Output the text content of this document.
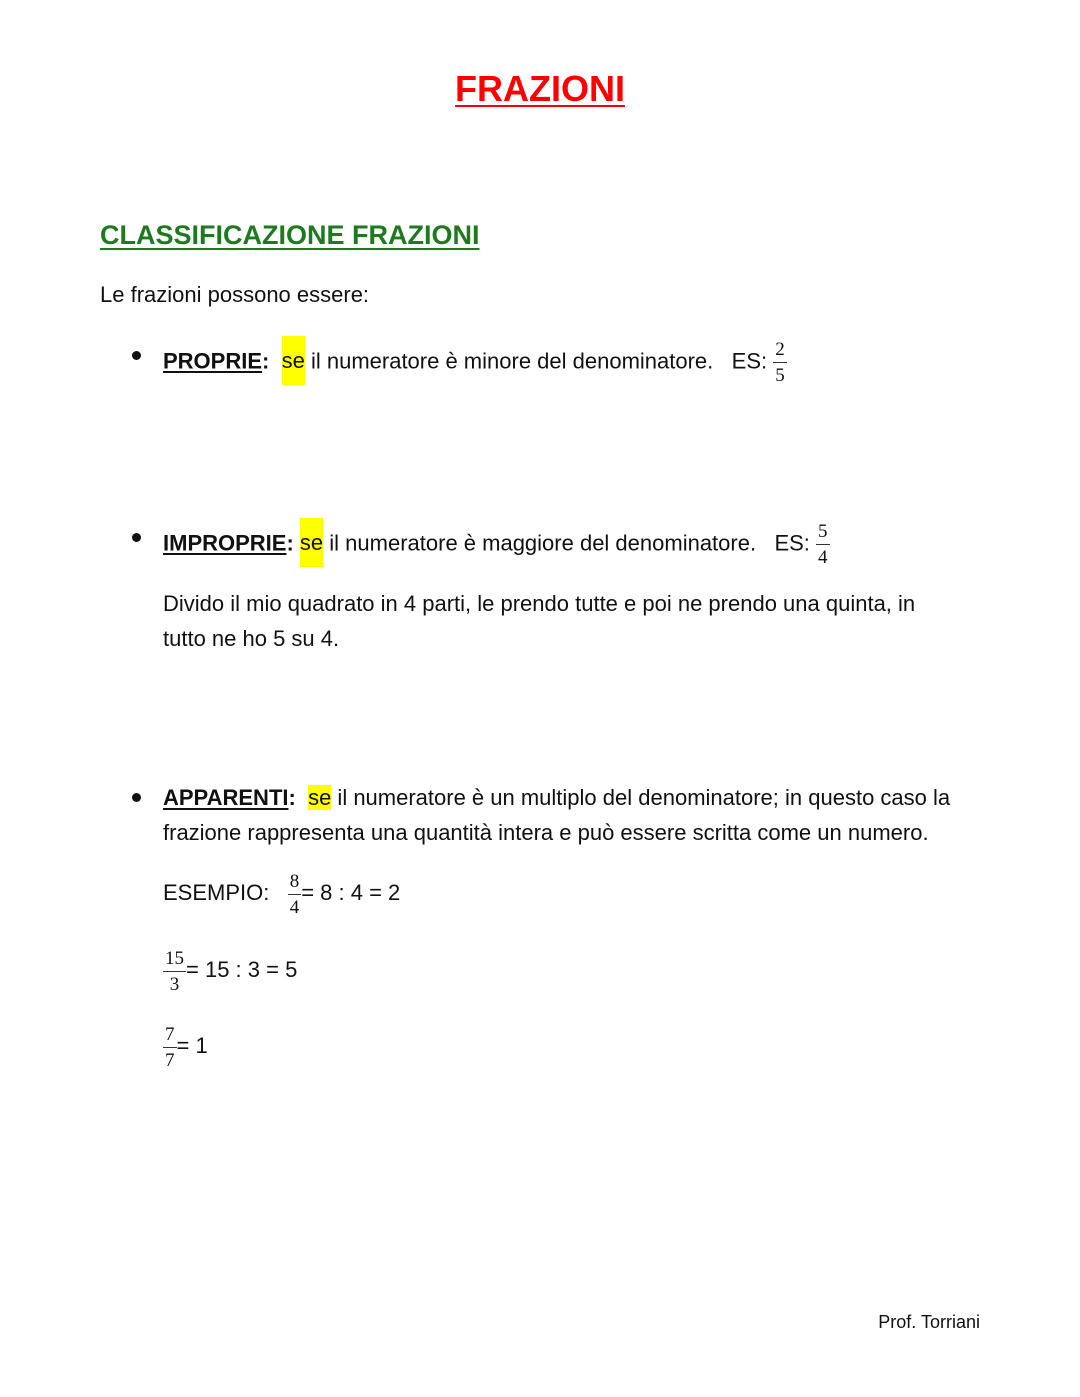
FRAZIONI
CLASSIFICAZIONE FRAZIONI
Le frazioni possono essere:
PROPRIE: se il numeratore è minore del denominatore. ES: $\frac{2}{5}$
IMPROPRIE: se il numeratore è maggiore del denominatore. ES: $\frac{5}{4}$
Divido il mio quadrato in 4 parti, le prendo tutte e poi ne prendo una quinta, in
tutto ne ho 5 su 4.
APPARENTI: se il numeratore è un multiplo del denominatore; in questo caso la
frazione rappresenta una quantità intera e può essere scritta come un numero.
ESEMPIO: $\frac{8}{4} = 8$ : 4 = 2
$\frac{15}{3} = 15$ : 3 = 5
$\frac{7}{7} = 1$
Prof. Torriani
